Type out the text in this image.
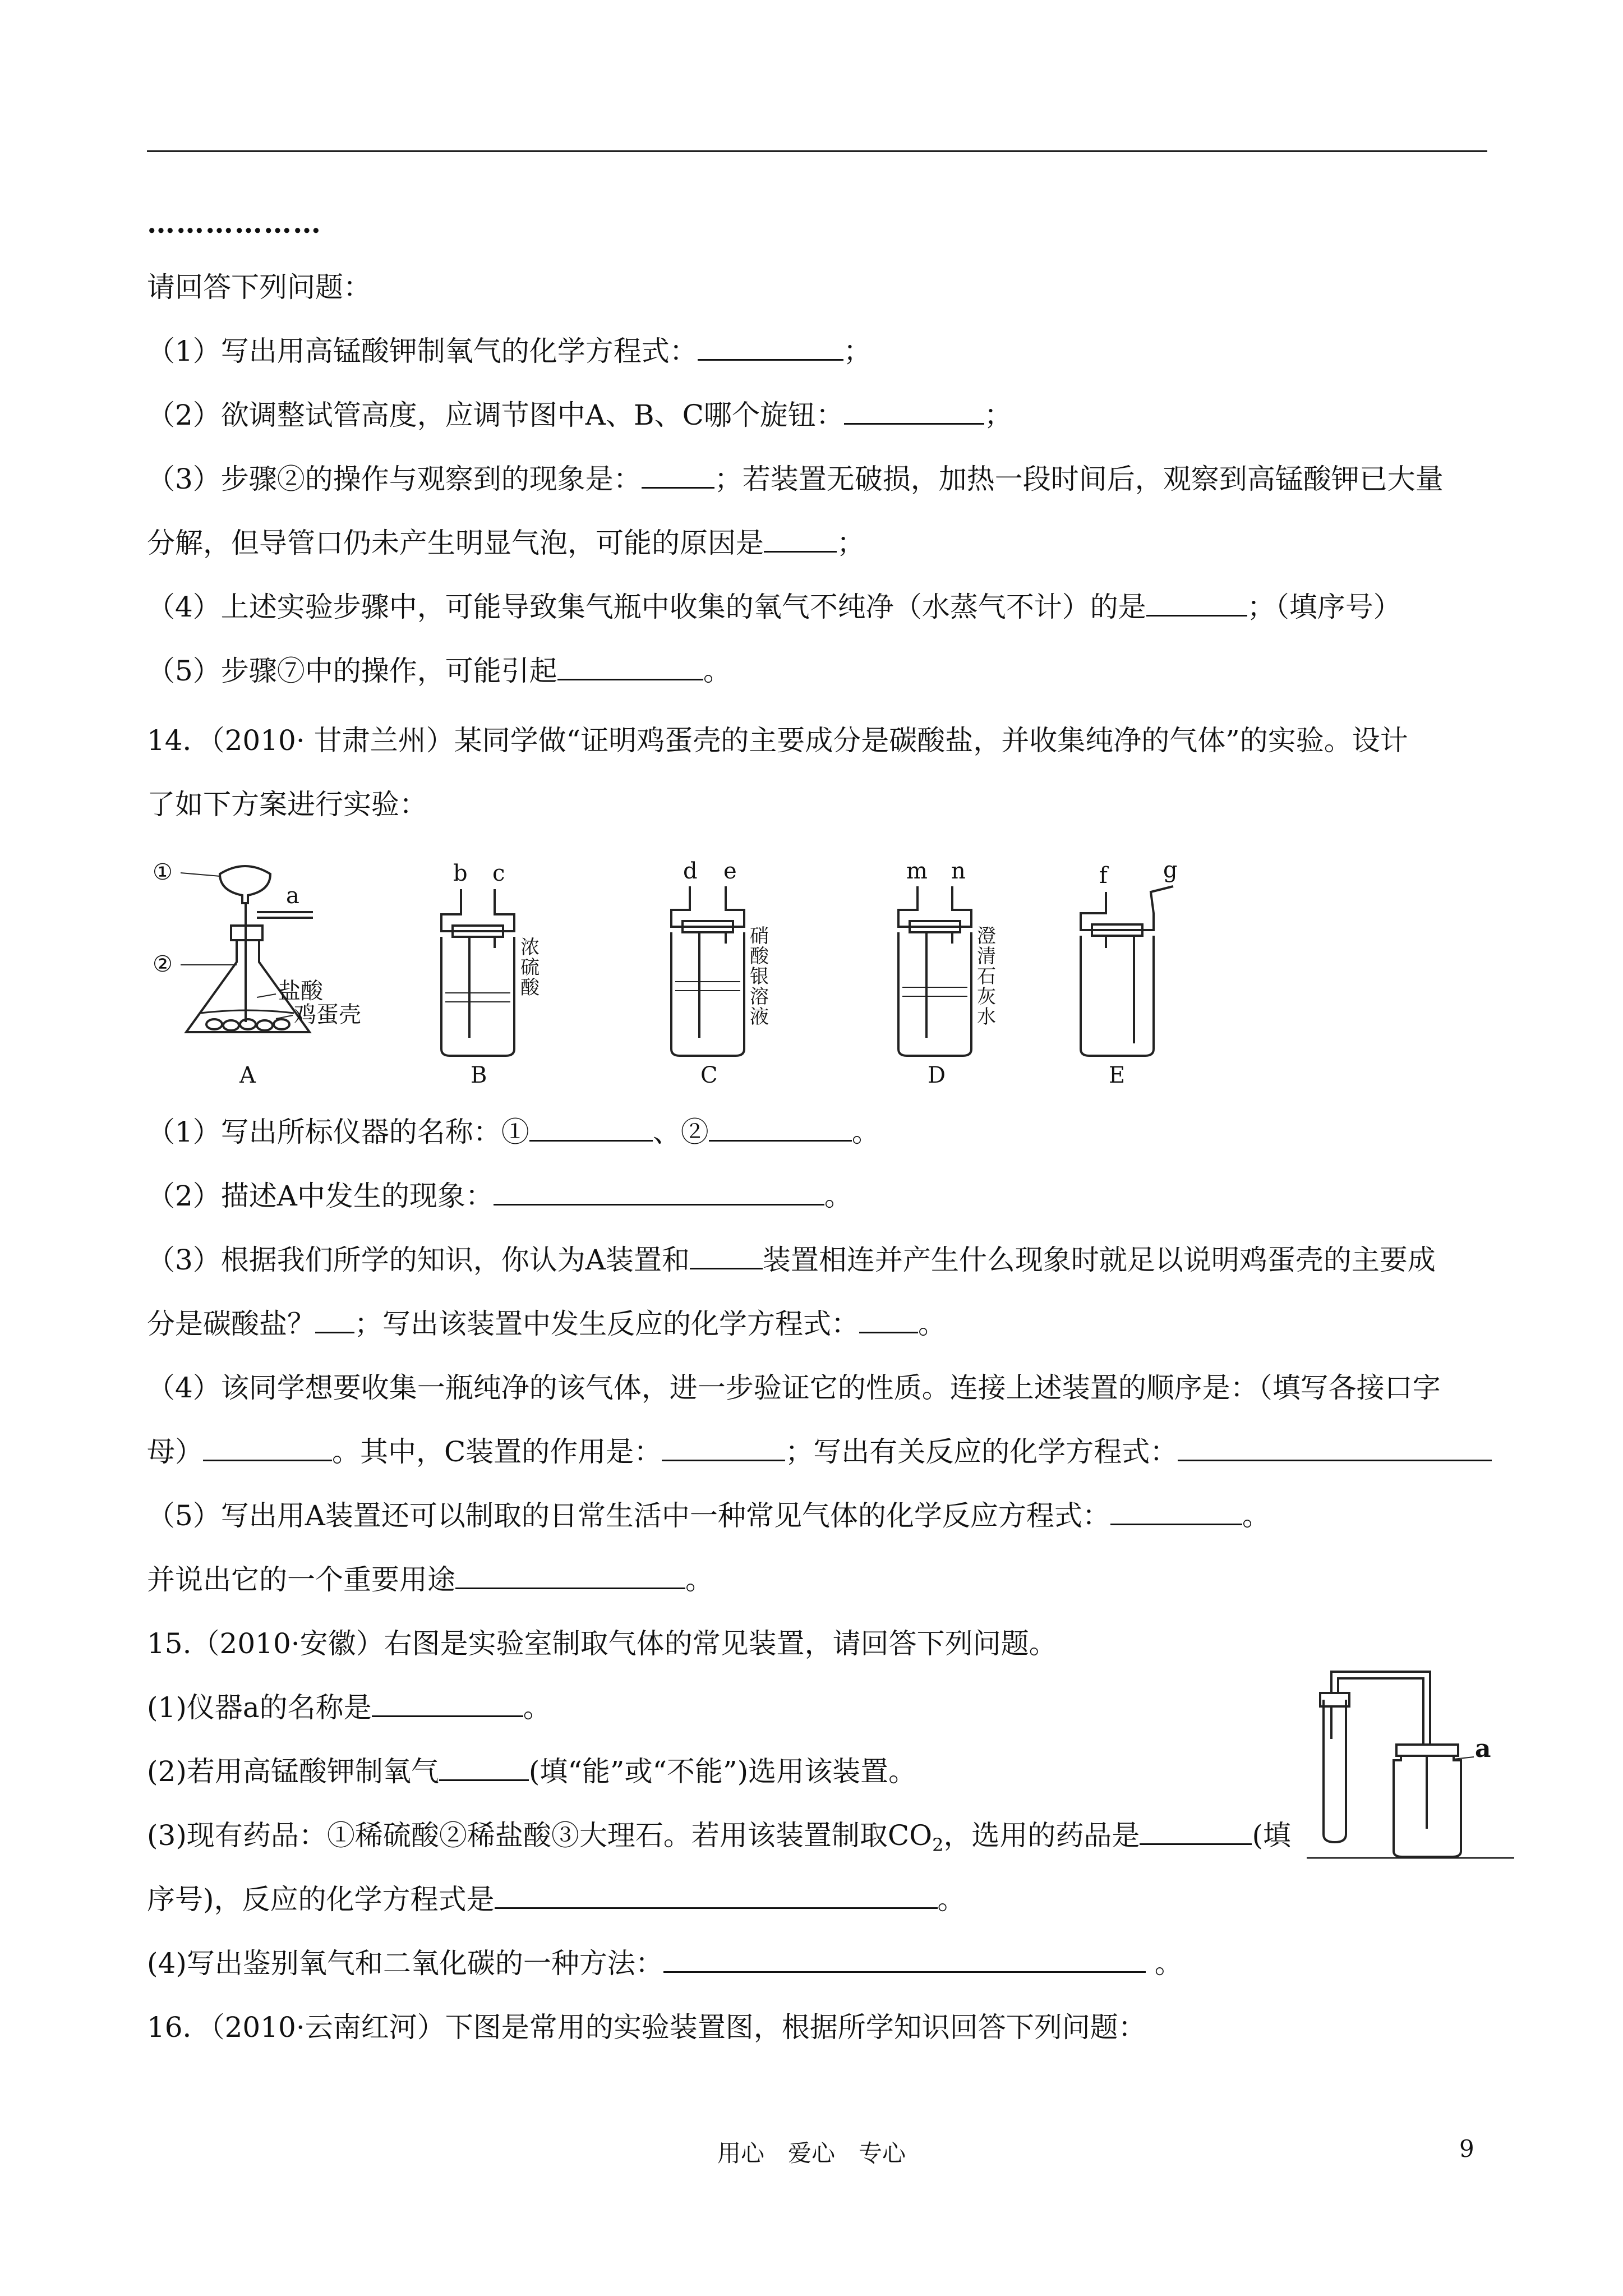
………………
请回答下列问题：
（1）写出用高锰酸钾制氧气的化学方程式：	；
（2）欲调整试管高度，应调节图中A、B、C哪个旋钮：	；
（3）步骤②的操作与观察到的现象是：	；若装置无破损，加热一段时间后，观察到高锰酸钾已大量
分解，但导管口仍未产生明显气泡，可能的原因是	；
（4）上述实验步骤中，可能导致集气瓶中收集的氧气不纯净（水蒸气不计）的是	；（填序号）
（5）步骤⑦中的操作，可能引起	。
14．（2010· 甘肃兰州）某同学做“证明鸡蛋壳的主要成分是碳酸盐，并收集纯净的气体”的实验。设计
了如下方案进行实验：
①
②
a
盐酸
鸡蛋壳
A
b c
B
d e
C
m n
D
f g
E
浓硫酸
硝酸银溶液
澄清石灰水
（1）写出所标仪器的名称：①	、②	。
（2）描述A中发生的现象：	。
（3）根据我们所学的知识，你认为A装置和	装置相连并产生什么现象时就足以说明鸡蛋壳的主要成
分是碳酸盐？ ；写出该装置中发生反应的化学方程式： 。
（4）该同学想要收集一瓶纯净的该气体，进一步验证它的性质。连接上述装置的顺序是：（填写各接口字
母）	。其中，C装置的作用是：	；写出有关反应的化学方程式：
（5）写出用A装置还可以制取的日常生活中一种常见气体的化学反应方程式：	。
并说出它的一个重要用途	。
15.（2010·安徽）右图是实验室制取气体的常见装置，请回答下列问题。
(1)仪器a的名称是	。
(2)若用高锰酸钾制氧气	(填“能”或“不能”)选用该装置。
(3)现有药品：①稀硫酸②稀盐酸③大理石。若用该装置制取$CO_2$，选用的药品是	(填
序号)，反应的化学方程式是	。
(4)写出鉴别氧气和二氧化碳的一种方法：	。
a
16．（2010·云南红河）下图是常用的实验装置图，根据所学知识回答下列问题：
用心　爱心　专心	9
